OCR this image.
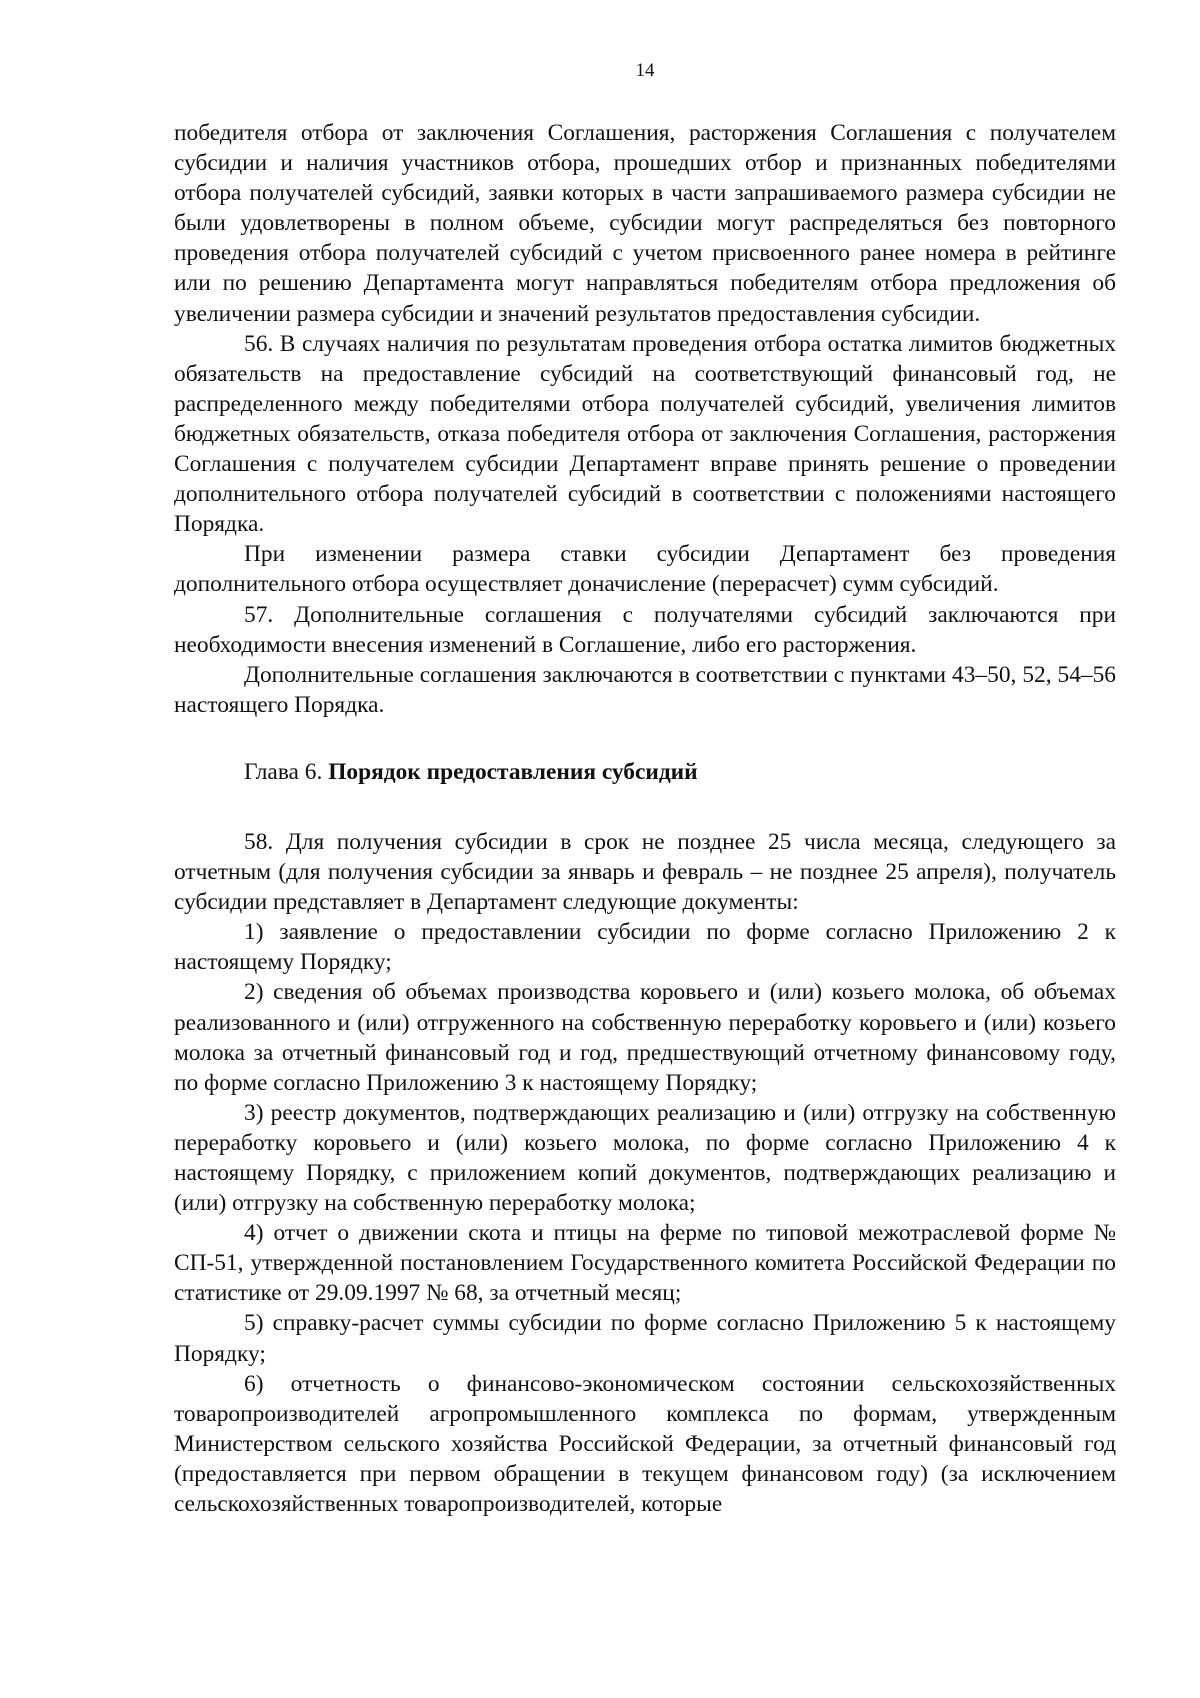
14

победителя отбора от заключения Соглашения, расторжения Соглашения с получателем субсидии и наличия участников отбора, прошедших отбор и признанных победителями отбора получателей субсидий, заявки которых в части запрашиваемого размера субсидии не были удовлетворены в полном объеме, субсидии могут распределяться без повторного проведения отбора получателей субсидий с учетом присвоенного ранее номера в рейтинге или по решению Департамента могут направляться победителям отбора предложения об увеличении размера субсидии и значений результатов предоставления субсидии.

56. В случаях наличия по результатам проведения отбора остатка лимитов бюджетных обязательств на предоставление субсидий на соответствующий финансовый год, не распределенного между победителями отбора получателей субсидий, увеличения лимитов бюджетных обязательств, отказа победителя отбора от заключения Соглашения, расторжения Соглашения с получателем субсидии Департамент вправе принять решение о проведении дополнительного отбора получателей субсидий в соответствии с положениями настоящего Порядка.

При изменении размера ставки субсидии Департамент без проведения дополнительного отбора осуществляет доначисление (перерасчет) сумм субсидий.

57. Дополнительные соглашения с получателями субсидий заключаются при необходимости внесения изменений в Соглашение, либо его расторжения.

Дополнительные соглашения заключаются в соответствии с пунктами 43–50, 52, 54–56 настоящего Порядка.

Глава 6. Порядок предоставления субсидий

58. Для получения субсидии в срок не позднее 25 числа месяца, следующего за отчетным (для получения субсидии за январь и февраль – не позднее 25 апреля), получатель субсидии представляет в Департамент следующие документы:

1) заявление о предоставлении субсидии по форме согласно Приложению 2 к настоящему Порядку;

2) сведения об объемах производства коровьего и (или) козьего молока, об объемах реализованного и (или) отгруженного на собственную переработку коровьего и (или) козьего молока за отчетный финансовый год и год, предшествующий отчетному финансовому году, по форме согласно Приложению 3 к настоящему Порядку;

3) реестр документов, подтверждающих реализацию и (или) отгрузку на собственную переработку коровьего и (или) козьего молока, по форме согласно Приложению 4 к настоящему Порядку, с приложением копий документов, подтверждающих реализацию и (или) отгрузку на собственную переработку молока;

4) отчет о движении скота и птицы на ферме по типовой межотраслевой форме № СП-51, утвержденной постановлением Государственного комитета Российской Федерации по статистике от 29.09.1997 № 68, за отчетный месяц;

5) справку-расчет суммы субсидии по форме согласно Приложению 5 к настоящему Порядку;

6) отчетность о финансово-экономическом состоянии сельскохозяйственных товаропроизводителей агропромышленного комплекса по формам, утвержденным Министерством сельского хозяйства Российской Федерации, за отчетный финансовый год (предоставляется при первом обращении в текущем финансовом году) (за исключением сельскохозяйственных товаропроизводителей, которые
